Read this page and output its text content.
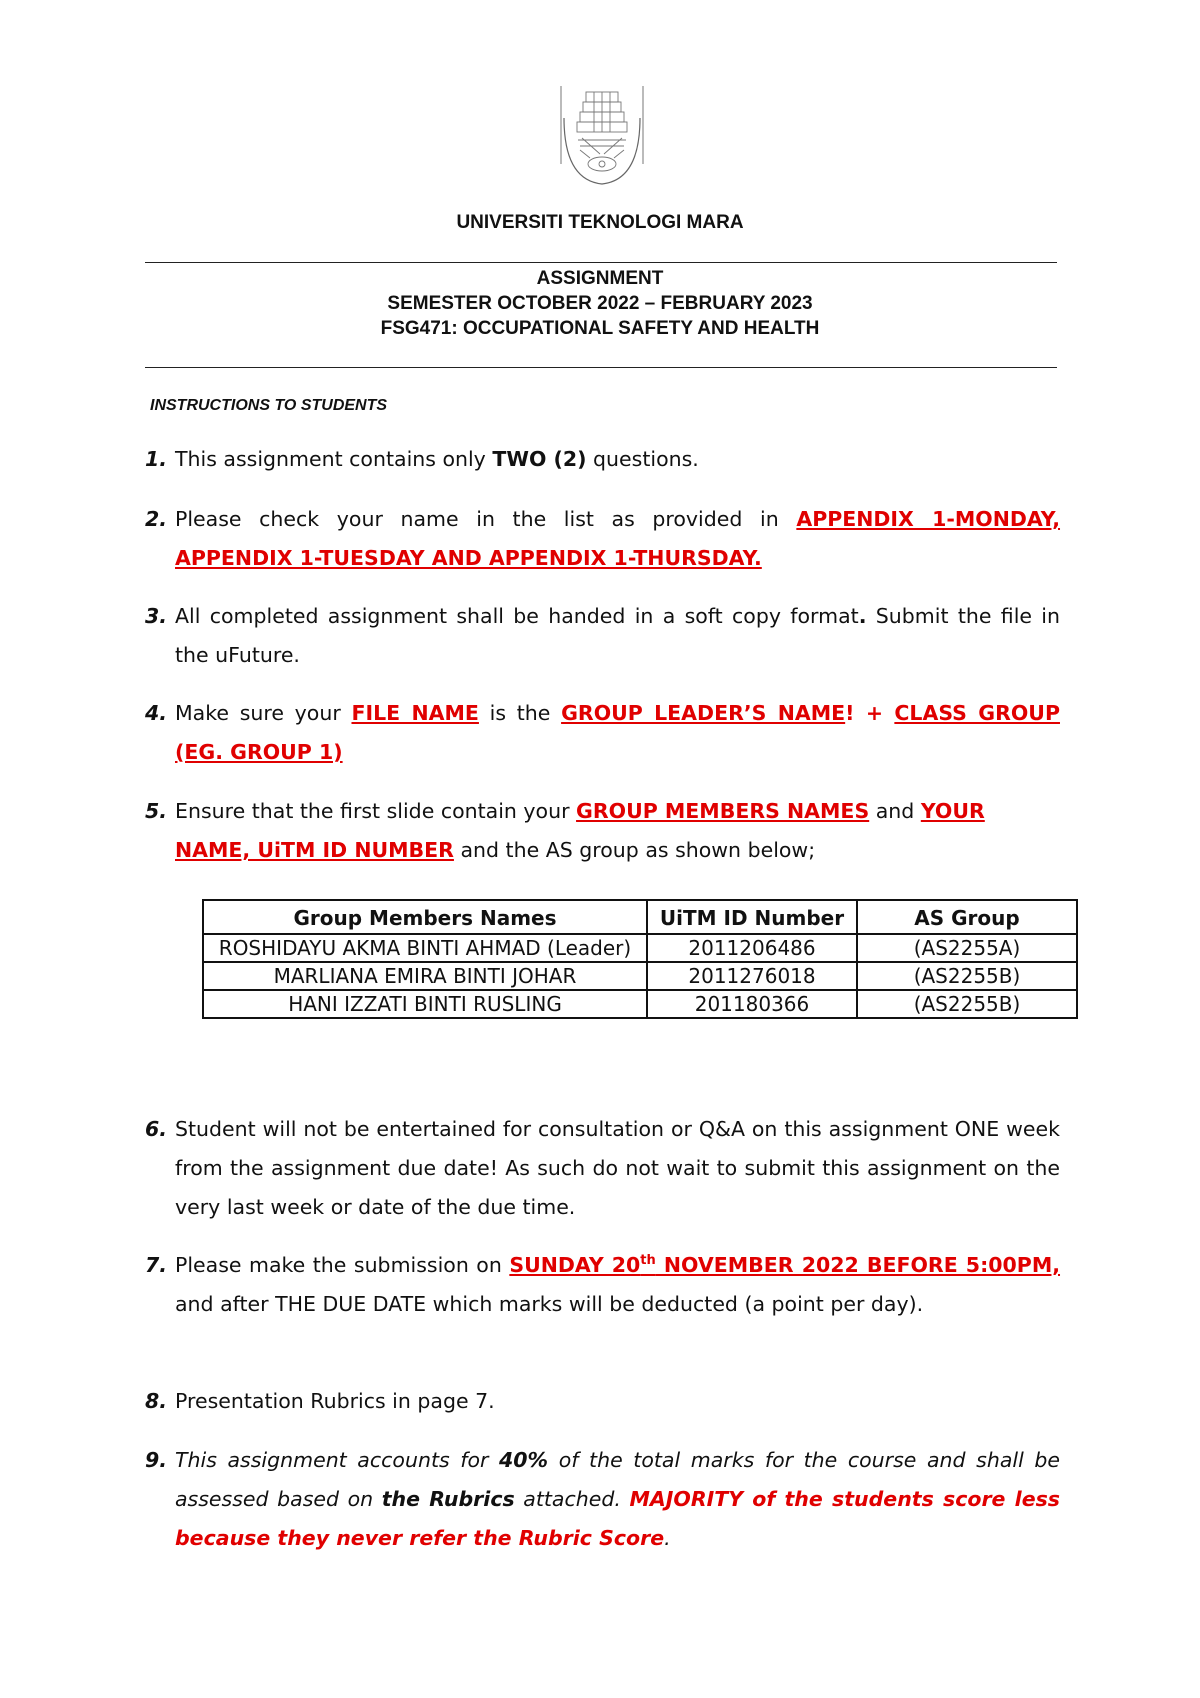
UNIVERSITI TEKNOLOGI MARA
ASSIGNMENT
SEMESTER OCTOBER 2022 – FEBRUARY 2023
FSG471: OCCUPATIONAL SAFETY AND HEALTH
INSTRUCTIONS TO STUDENTS
1. This assignment contains only TWO (2) questions.
2. Please check your name in the list as provided in APPENDIX 1-MONDAY, APPENDIX 1-TUESDAY AND APPENDIX 1-THURSDAY.
3. All completed assignment shall be handed in a soft copy format. Submit the file in the uFuture.
4. Make sure your FILE NAME is the GROUP LEADER’S NAME! + CLASS GROUP (EG. GROUP 1)
5. Ensure that the first slide contain your GROUP MEMBERS NAMES and YOUR NAME, UiTM ID NUMBER and the AS group as shown below;
Group Members Names	UiTM ID Number	AS Group
ROSHIDAYU AKMA BINTI AHMAD (Leader)	2011206486	(AS2255A)
MARLIANA EMIRA BINTI JOHAR	2011276018	(AS2255B)
HANI IZZATI BINTI RUSLING	201180366	(AS2255B)
6. Student will not be entertained for consultation or Q&A on this assignment ONE week from the assignment due date! As such do not wait to submit this assignment on the very last week or date of the due time.
7. Please make the submission on SUNDAY 20th NOVEMBER 2022 BEFORE 5:00PM, and after THE DUE DATE which marks will be deducted (a point per day).
8. Presentation Rubrics in page 7.
9. This assignment accounts for 40% of the total marks for the course and shall be assessed based on the Rubrics attached. MAJORITY of the students score less because they never refer the Rubric Score.
